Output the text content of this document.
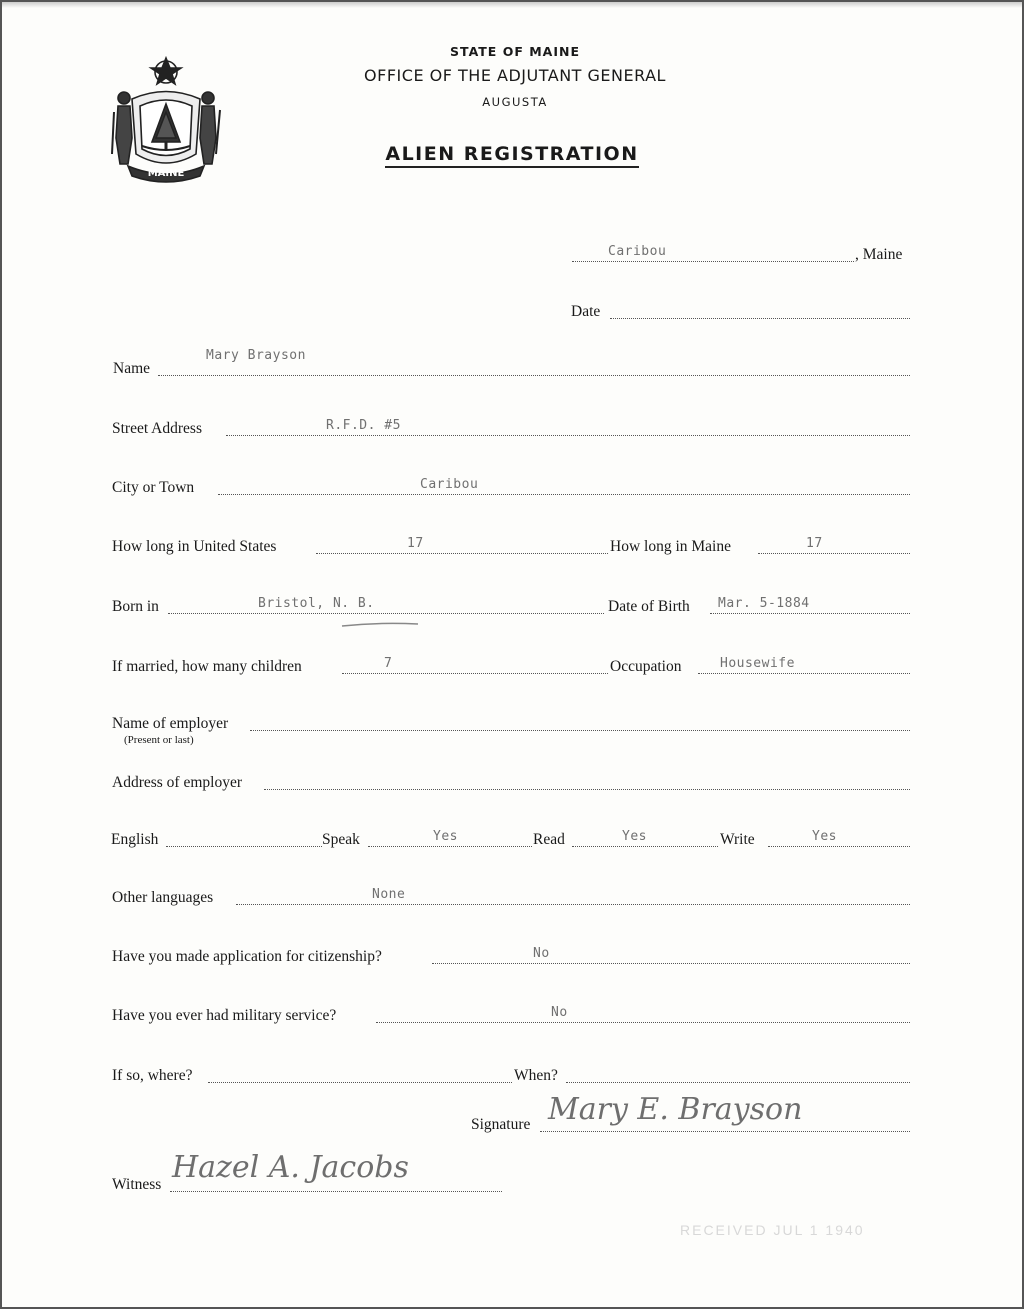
MAINE
STATE OF MAINE
OFFICE OF THE ADJUTANT GENERAL
AUGUSTA
ALIEN REGISTRATION
Caribou	, Maine
Date
Name
Mary Brayson
Street Address	R.F.D. #5
City or Town	Caribou
How long in United States	17	How long in Maine	17
Born in	Bristol, N. B.	Date of Birth Mar. 5-1884
If married, how many children	7	Occupation	Housewife
Name of employer
(Present or last)
Address of employer
English	Speak	Yes	Read	Yes	Write	Yes
Other languages	None
Have you made application for citizenship?	No
Have you ever had military service?	No
If so, where?	When?
Signature Mary E. Brayson
Witness Hazel A. Jacobs
RECEIVED JUL 1 1940
